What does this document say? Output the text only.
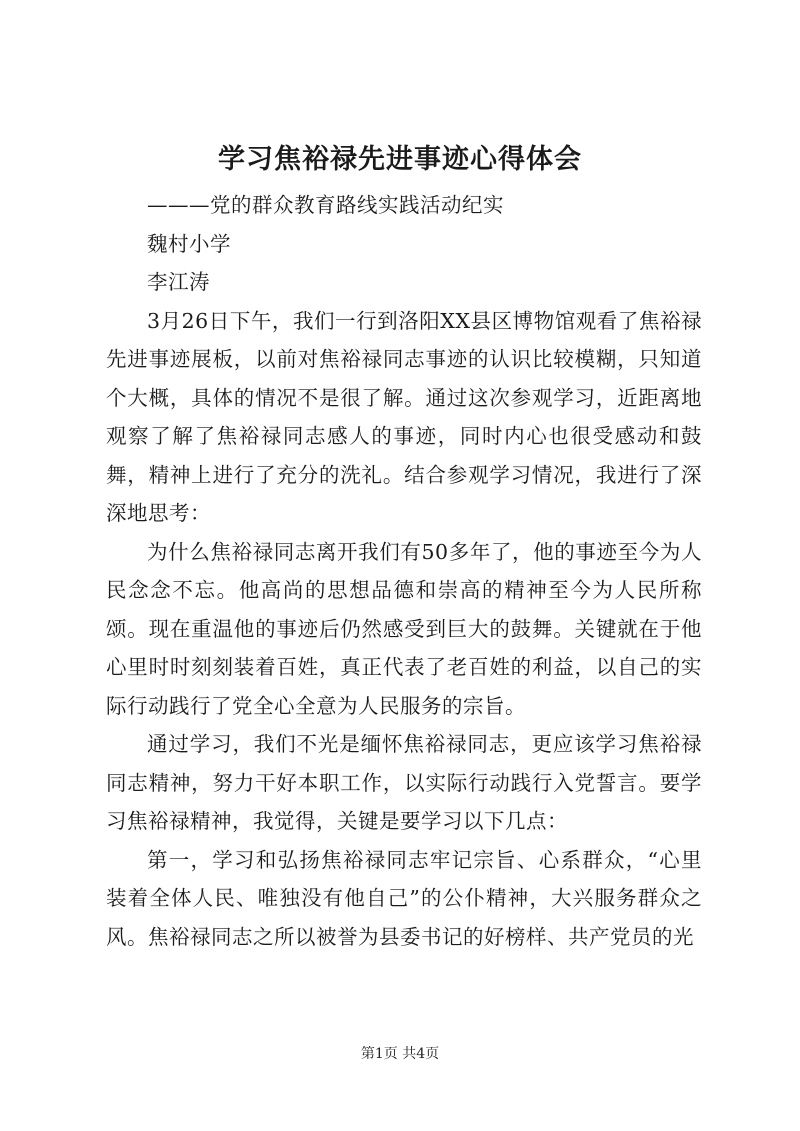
学习焦裕禄先进事迹心得体会

———党的群众教育路线实践活动纪实

魏村小学

李江涛

3月26日下午，我们一行到洛阳XX县区博物馆观看了焦裕禄先进事迹展板，以前对焦裕禄同志事迹的认识比较模糊，只知道个大概，具体的情况不是很了解。通过这次参观学习，近距离地观察了解了焦裕禄同志感人的事迹，同时内心也很受感动和鼓舞，精神上进行了充分的洗礼。结合参观学习情况，我进行了深深地思考：

为什么焦裕禄同志离开我们有50多年了，他的事迹至今为人民念念不忘。他高尚的思想品德和崇高的精神至今为人民所称颂。现在重温他的事迹后仍然感受到巨大的鼓舞。关键就在于他心里时时刻刻装着百姓，真正代表了老百姓的利益，以自己的实际行动践行了党全心全意为人民服务的宗旨。

通过学习，我们不光是缅怀焦裕禄同志，更应该学习焦裕禄同志精神，努力干好本职工作，以实际行动践行入党誓言。要学习焦裕禄精神，我觉得，关键是要学习以下几点：

第一，学习和弘扬焦裕禄同志牢记宗旨、心系群众，“心里装着全体人民、唯独没有他自己”的公仆精神，大兴服务群众之风。焦裕禄同志之所以被誉为县委书记的好榜样、共产党员的光

第1页 共4页
